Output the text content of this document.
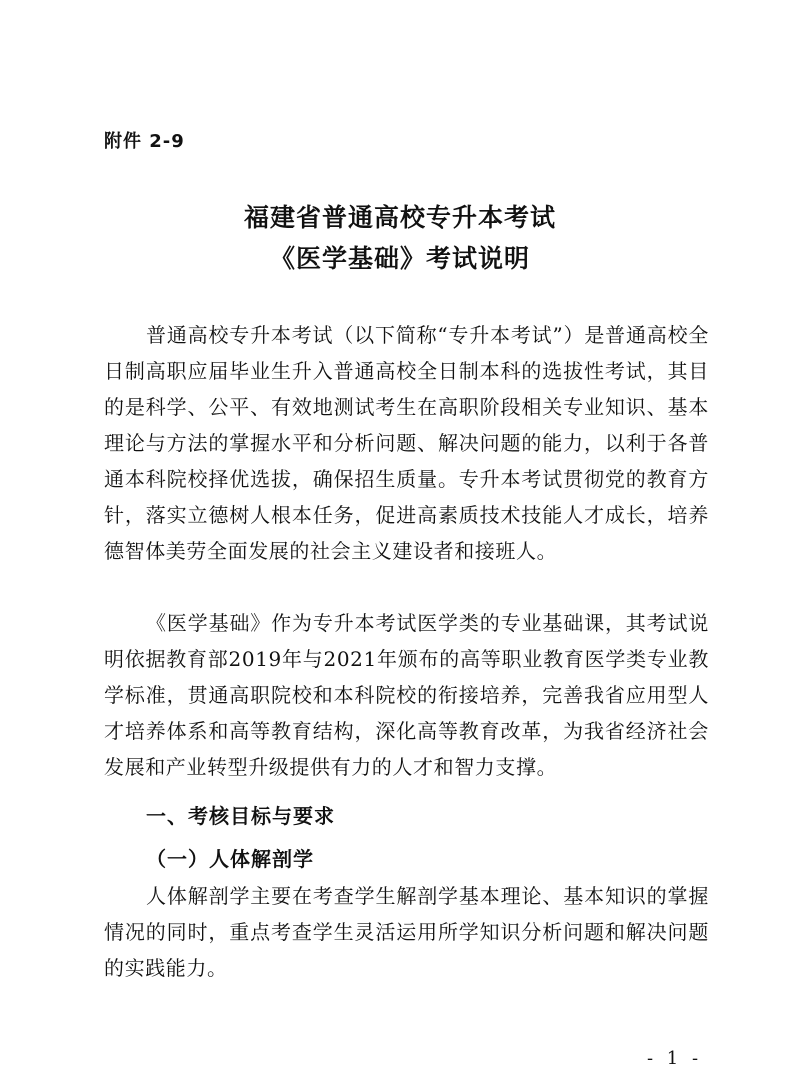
附件 2-9
福建省普通高校专升本考试
《医学基础》考试说明

普通高校专升本考试（以下简称“专升本考试”）是普通高校全日制高职应届毕业生升入普通高校全日制本科的选拔性考试，其目的是科学、公平、有效地测试考生在高职阶段相关专业知识、基本理论与方法的掌握水平和分析问题、解决问题的能力，以利于各普通本科院校择优选拔，确保招生质量。专升本考试贯彻党的教育方针，落实立德树人根本任务，促进高素质技术技能人才成长，培养德智体美劳全面发展的社会主义建设者和接班人。

《医学基础》作为专升本考试医学类的专业基础课，其考试说明依据教育部2019年与2021年颁布的高等职业教育医学类专业教学标准，贯通高职院校和本科院校的衔接培养，完善我省应用型人才培养体系和高等教育结构，深化高等教育改革，为我省经济社会发展和产业转型升级提供有力的人才和智力支撑。

一、考核目标与要求
（一）人体解剖学

人体解剖学主要在考查学生解剖学基本理论、基本知识的掌握情况的同时，重点考查学生灵活运用所学知识分析问题和解决问题的实践能力。

- 1 -
